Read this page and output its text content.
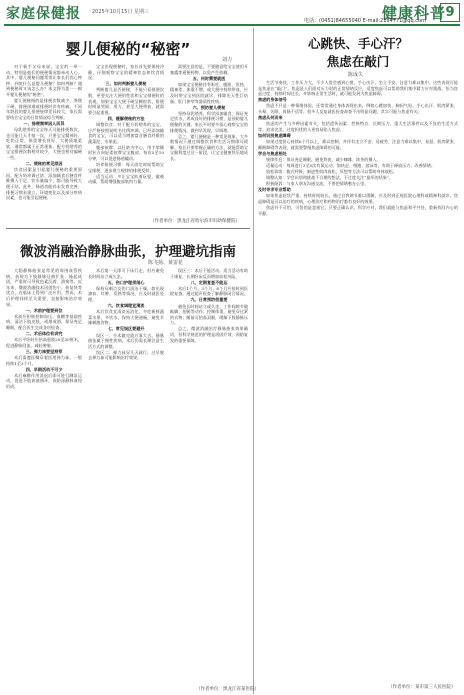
家庭保健报 2025年10月15日 星期三	健康科普 9
电话：(0451)84655040 E-mail:2184771@qq.com
婴儿便秘的“秘密”
刘力

对于新手父母来说，宝宝的一举一动，特别是他们的便便情况都牵动人心。其中，婴儿便秘问题常常让家长们忧心忡忡。到底什么是婴儿便秘？如何判断？遇到便秘时又该怎么办？本文将为您一一揭开婴儿便秘的“秘密”。

婴儿便秘指的是排便次数减少、粪便干硬、排便困难或排便时伴有疼痛。不同年龄段的婴儿排便规律差异较大，家长需要结合宝宝的日常情况综合判断。

一、排便频率因人而异

母乳喂养的宝宝每天可能排便数次，也可能几天才排一次，只要宝宝精神好、吃奶正常、体重增长良好、大便质地柔软，通常都属于正常现象。配方奶喂养的宝宝排便次数相对较少，大便也相对偏硬一些。

二、便秘的常见原因

饮食因素是引起婴儿便秘的重要原因。配方奶冲调过浓、添加辅食后膳食纤维摄入不足、饮水量偏少，都可能导致大便干结。此外，肠道功能尚未发育完善、排便习惯未建立、环境变化以及部分疾病因素，也可能引起便秘。

宝宝出现便秘时，家长首先要保持冷静，仔细观察宝宝的精神状态和饮食情况。

三、如何判断婴儿便秘

判断婴儿是否便秘，不能只看排便次数，更要关注大便的性状和宝宝排便时的表现。如果宝宝大便干硬呈颗粒状，排便时明显哭闹、用力，甚至大便带血，就需要引起重视。

四、缓解便秘的方法

调整饮食：对于配方奶喂养的宝宝，应严格按照说明书比例冲调；已经添加辅食的宝宝，可以适当增加富含膳食纤维的蔬菜泥、水果泥。

腹部按摩：以肚脐为中心，用手掌顺时针方向轻柔按摩宝宝腹部，每次5至10分钟，可以促进肠道蠕动。

培养排便习惯：每天固定时间帮助宝宝排便，逐步建立规律的排便反射。

适当运动：多让宝宝趴着玩耍、做被动操，帮助增强腹部肌肉力量。

需要注意的是，不要随意给宝宝使用开塞露等通便药物，以免产生依赖。

五、何时需要就医

如果宝宝便秘伴有呕吐、腹胀、发热、精神差、体重不增，或大便中持续带血，应及时带宝宝到医院就诊，排除先天性巨结肠、肛门狭窄等器质性疾病。

六、预防婴儿便秘

坚持母乳喂养、科学添加辅食、保证充足饮水、养成良好的排便习惯，是预防婴儿便秘的关键。家长平时要多留心观察宝宝的排便情况，做到早发现、早调理。

总之，婴儿便秘是一种常见现象，大多数情况下通过调整饮食和生活习惯即可缓解。家长只要掌握正确的方法，就能帮助宝宝顺利度过这一阶段，让宝宝健康快乐地成长。

（作者单位：黑龙江省哈尔滨市妇幼保健院）
微波消融治静脉曲张，护理避坑指南
陈飞扬、黄雷花

大隐静脉曲张是常见的周围血管疾病，表现为下肢静脉迂曲扩张、隆起成团，严重时可导致色素沉着、溃疡等。近年来，微波消融技术因创伤小、恢复快等优点，在临床上得到广泛应用。然而，术后护理同样至关重要，直接影响治疗效果。

一、术前护理要到位

术前应积极控制血压、血糖等基础疾病，清洁下肢皮肤，戒烟戒酒，保证充足睡眠，配合医生完成各项检查。

二、术后体位有讲究

术后平卧时应抬高患肢20至30厘米，促进静脉回流，减轻肿胀。

三、弹力袜要坚持穿

术后需遵医嘱穿着医用弹力袜，一般持续1至3个月。

四、早期活动不可少

术后麻醉作用消退后即可进行踝泵运动，促进下肢血液循环，预防深静脉血栓形成。

术后第一天即可下床行走，但应避免长时间站立或久坐。

五、伤口护理须细心

保持穿刺点及伤口清洁干燥，如出现渗血、红肿、发热等情况，应及时就医处理。

六、饮食调理宜清淡

术后饮食宜清淡易消化，多吃新鲜蔬菜水果，多饮水，保持大便通畅，避免辛辣刺激食物。

七、常见误区要避开

误区一：手术做完就万事大吉。静脉曲张属于慢性疾病，术后仍需长期注意生活方式的调整。

误区二：弹力袜穿几天就行。过早脱去弹力袜可能影响治疗效果。

误区三：术后不能活动。适当活动有助于康复，长期卧床反而增加血栓风险。

八、定期复查不能忘

术后1个月、3个月、6个月应按时到医院复查，通过超声检查了解静脉闭合情况。

九、日常预防很重要

避免长时间站立或久坐，工作间隙多做踮脚、抬腿等动作；控制体重，避免穿过紧的衣物；睡前可抬高双腿，缓解下肢静脉压力。

总之，微波消融治疗静脉曲张效果确切，但科学规范的护理是巩固疗效、预防复发的重要保障。

（作者单位：黑龙江省某医院）
心跳快、手心汗？
焦虑在敲门
陈成失

生活节奏快、工作压力大，不少人常会感到心慌、手心出汗、坐立不安、注意力难以集中。这些表现可能是焦虑在“敲门”。焦虑是人们面对压力时的正常情绪反应，适度焦虑可以帮助我们集中精力应对挑战，但当焦虑过度、持续时间过长，并影响正常生活时，就可能发展为焦虑障碍。

焦虑的身体信号

焦虑不只是一种情绪体验，还常常通过身体表现出来，例如心跳加快、胸闷气短、手心出汗、肌肉紧张、头晕、失眠、胃肠不适等。很多人反复就医检查却查不出明显问题，其实可能与焦虑有关。

焦虑从何而来

焦虑的产生与多种因素有关，包括遗传因素、性格特点、长期压力、重大生活事件以及不良的生活方式等。追求完美、过度担忧的人更容易陷入焦虑。

如何识别焦虑障碍

如果过度担心持续6个月以上，难以控制，并伴有坐立不安、易疲劳、注意力难以集中、易怒、肌肉紧张、睡眠障碍等表现，就需要警惕焦虑障碍的可能。

学会与焦虑相处

规律作息：保证充足睡眠，避免熬夜，减少咖啡、浓茶的摄入。

适量运动：每周进行3至5次有氧运动，如快走、慢跑、游泳等，有助于释放压力、改善情绪。

放松训练：腹式呼吸、渐进性肌肉放松、冥想等方法可以帮助身体放松。

调整认知：学会识别和挑战不合理的想法，不过度关注“最坏的结果”。

积极倾诉：与家人朋友沟通交流，不要把情绪憋在心里。

及时寻求专业帮助

如果焦虑症状严重，持续时间较长，通过自我调节难以缓解，应及时到正规医院心理科或精神科就诊。焦虑障碍是可以治疗的疾病，心理治疗和药物治疗都有良好的效果。

焦虑并不可怕，可怕的是忽视它。只要正确认识、科学应对，我们就能与焦虑和平共处，重新找回内心的平静。

（作者单位：某市第三人民医院）
